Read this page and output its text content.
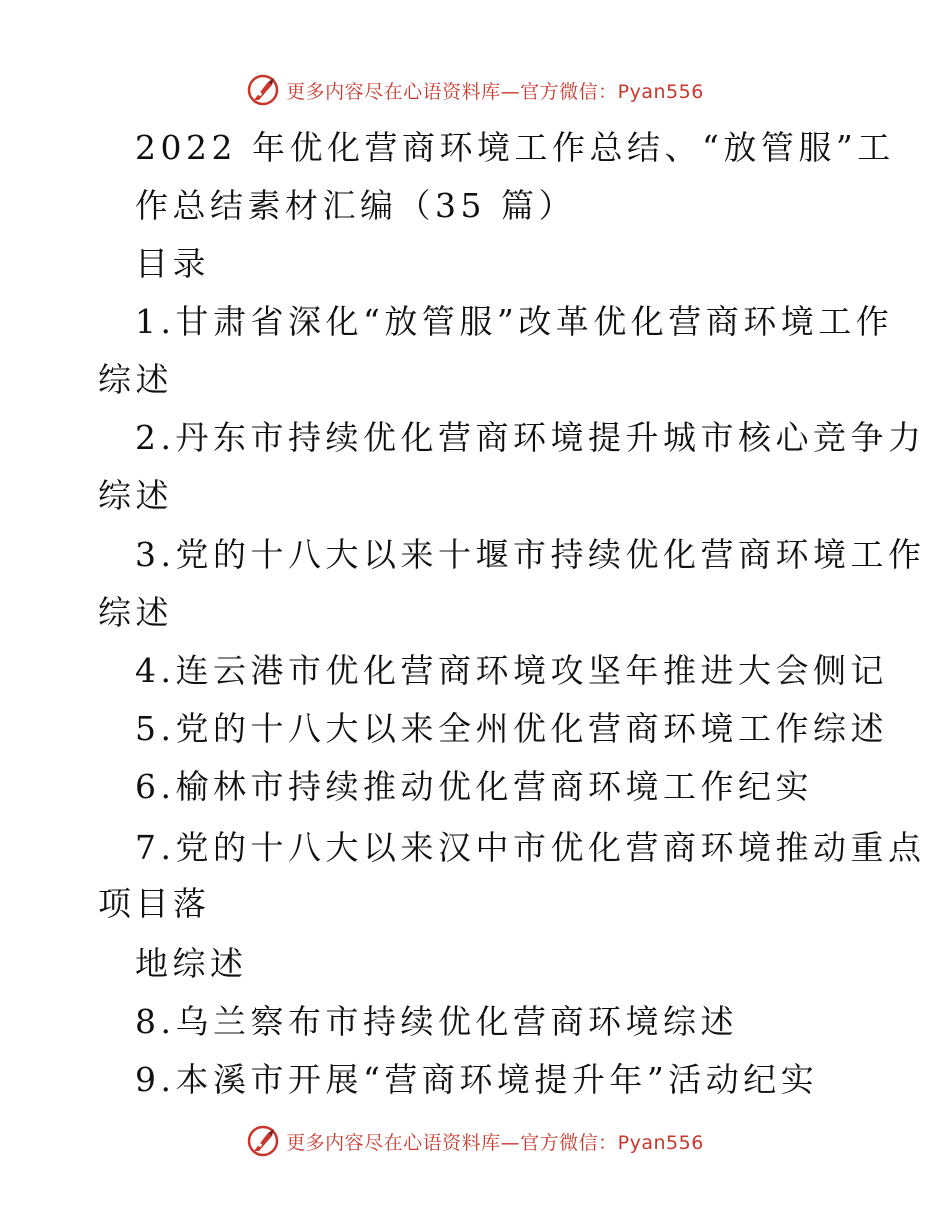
更多内容尽在心语资料库—官方微信：Pyan556
2022 年优化营商环境工作总结、“放管服”工
作总结素材汇编（35 篇）
目录
1.甘肃省深化“放管服”改革优化营商环境工作
综述
2.丹东市持续优化营商环境提升城市核心竞争力
综述
3.党的十八大以来十堰市持续优化营商环境工作
综述
4.连云港市优化营商环境攻坚年推进大会侧记
5.党的十八大以来全州优化营商环境工作综述
6.榆林市持续推动优化营商环境工作纪实
7.党的十八大以来汉中市优化营商环境推动重点
项目落
地综述
8.乌兰察布市持续优化营商环境综述
9.本溪市开展“营商环境提升年”活动纪实
更多内容尽在心语资料库—官方微信：Pyan556
